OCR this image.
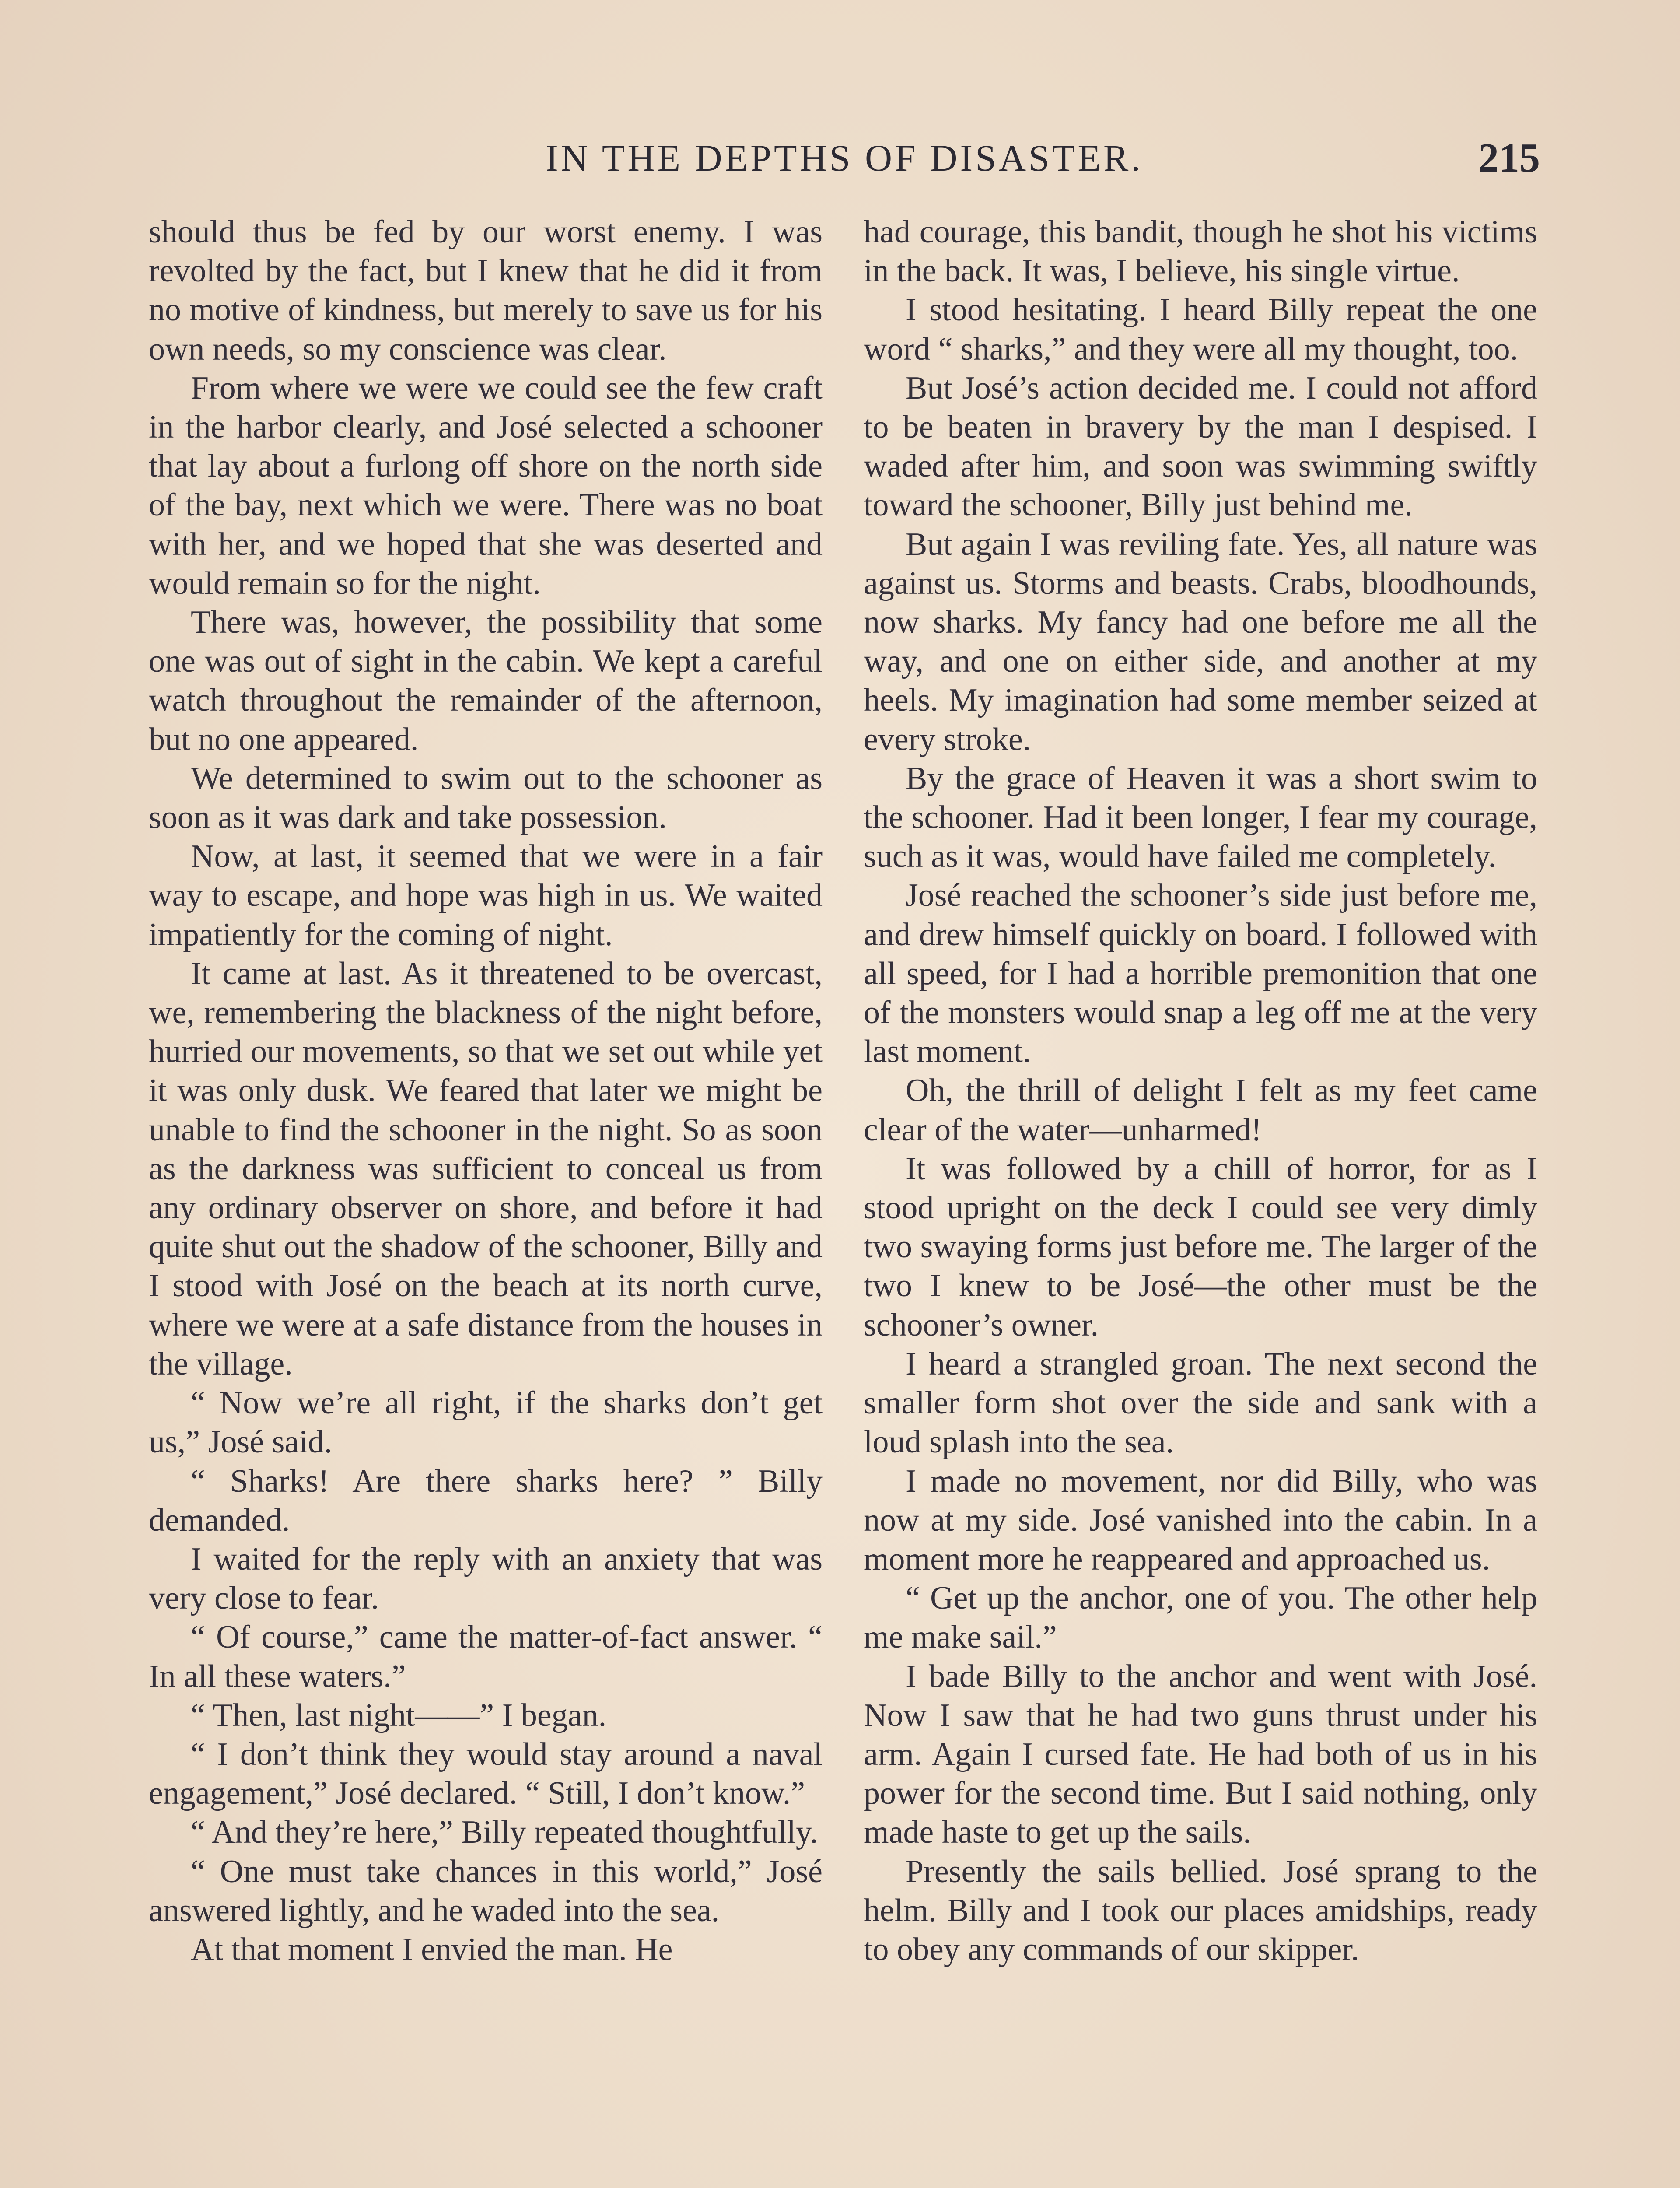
IN THE DEPTHS OF DISASTER.	215

should thus be fed by our worst enemy. I was revolted by the fact, but I knew that he did it from no motive of kindness, but merely to save us for his own needs, so my conscience was clear.

From where we were we could see the few craft in the harbor clearly, and José selected a schooner that lay about a furlong off shore on the north side of the bay, next which we were. There was no boat with her, and we hoped that she was deserted and would remain so for the night.

There was, however, the possibility that some one was out of sight in the cabin. We kept a careful watch throughout the remainder of the afternoon, but no one appeared.

We determined to swim out to the schooner as soon as it was dark and take possession.

Now, at last, it seemed that we were in a fair way to escape, and hope was high in us. We waited impatiently for the coming of night.

It came at last. As it threatened to be overcast, we, remembering the blackness of the night before, hurried our movements, so that we set out while yet it was only dusk. We feared that later we might be unable to find the schooner in the night. So as soon as the darkness was sufficient to conceal us from any ordinary observer on shore, and before it had quite shut out the shadow of the schooner, Billy and I stood with José on the beach at its north curve, where we were at a safe distance from the houses in the village.

“ Now we’re all right, if the sharks don’t get us,” José said.

“ Sharks! Are there sharks here? ” Billy demanded.

I waited for the reply with an anxiety that was very close to fear.

“ Of course,” came the matter-of-fact answer. “ In all these waters.”

“ Then, last night——” I began.

“ I don’t think they would stay around a naval engagement,” José declared. “ Still, I don’t know.”

“ And they’re here,” Billy repeated thoughtfully.

“ One must take chances in this world,” José answered lightly, and he waded into the sea.

At that moment I envied the man. He

had courage, this bandit, though he shot his victims in the back. It was, I believe, his single virtue.

I stood hesitating. I heard Billy repeat the one word “ sharks,” and they were all my thought, too.

But José’s action decided me. I could not afford to be beaten in bravery by the man I despised. I waded after him, and soon was swimming swiftly toward the schooner, Billy just behind me.

But again I was reviling fate. Yes, all nature was against us. Storms and beasts. Crabs, bloodhounds, now sharks. My fancy had one before me all the way, and one on either side, and another at my heels. My imagination had some member seized at every stroke.

By the grace of Heaven it was a short swim to the schooner. Had it been longer, I fear my courage, such as it was, would have failed me completely.

José reached the schooner’s side just before me, and drew himself quickly on board. I followed with all speed, for I had a horrible premonition that one of the monsters would snap a leg off me at the very last moment.

Oh, the thrill of delight I felt as my feet came clear of the water—unharmed!

It was followed by a chill of horror, for as I stood upright on the deck I could see very dimly two swaying forms just before me. The larger of the two I knew to be José—the other must be the schooner’s owner.

I heard a strangled groan. The next second the smaller form shot over the side and sank with a loud splash into the sea.

I made no movement, nor did Billy, who was now at my side. José vanished into the cabin. In a moment more he reappeared and approached us.

“ Get up the anchor, one of you. The other help me make sail.”

I bade Billy to the anchor and went with José. Now I saw that he had two guns thrust under his arm. Again I cursed fate. He had both of us in his power for the second time. But I said nothing, only made haste to get up the sails.

Presently the sails bellied. José sprang to the helm. Billy and I took our places amidships, ready to obey any commands of our skipper.
